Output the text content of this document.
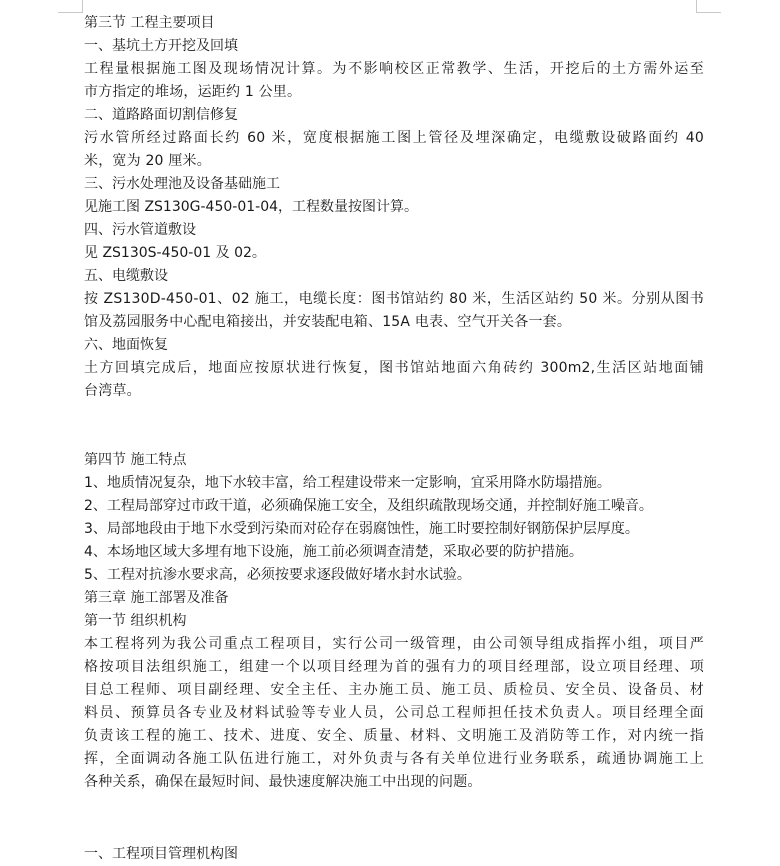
第三节 工程主要项目
一、基坑土方开挖及回填
工程量根据施工图及现场情况计算。为不影响校区正常教学、生活，开挖后的土方需外运至
市方指定的堆场，运距约 1 公里。
二、道路路面切割信修复
污水管所经过路面长约 60 米，宽度根据施工图上管径及埋深确定，电缆敷设破路面约 40
米，宽为 20 厘米。
三、污水处理池及设备基础施工
见施工图 ZS130G-450-01-04，工程数量按图计算。
四、污水管道敷设
见 ZS130S-450-01 及 02。
五、电缆敷设
按 ZS130D-450-01、02 施工，电缆长度：图书馆站约 80 米，生活区站约 50 米。分别从图书
馆及荔园服务中心配电箱接出，并安装配电箱、15A 电表、空气开关各一套。
六、地面恢复
土方回填完成后，地面应按原状进行恢复，图书馆站地面六角砖约 300m2,生活区站地面铺
台湾草。
第四节 施工特点
1、地质情况复杂，地下水较丰富，给工程建设带来一定影响，宜采用降水防塌措施。
2、工程局部穿过市政干道，必须确保施工安全，及组织疏散现场交通，并控制好施工噪音。
3、局部地段由于地下水受到污染而对砼存在弱腐蚀性，施工时要控制好钢筋保护层厚度。
4、本场地区域大多埋有地下设施，施工前必须调查清楚，采取必要的防护措施。
5、工程对抗渗水要求高，必须按要求逐段做好堵水封水试验。
第三章 施工部署及准备
第一节 组织机构
本工程将列为我公司重点工程项目，实行公司一级管理，由公司领导组成指挥小组，项目严
格按项目法组织施工，组建一个以项目经理为首的强有力的项目经理部，设立项目经理、项
目总工程师、项目副经理、安全主任、主办施工员、施工员、质检员、安全员、设备员、材
料员、预算员各专业及材料试验等专业人员，公司总工程师担任技术负责人。项目经理全面
负责该工程的施工、技术、进度、安全、质量、材料、文明施工及消防等工作，对内统一指
挥，全面调动各施工队伍进行施工，对外负责与各有关单位进行业务联系，疏通协调施工上
各种关系，确保在最短时间、最快速度解决施工中出现的问题。
一、工程项目管理机构图
